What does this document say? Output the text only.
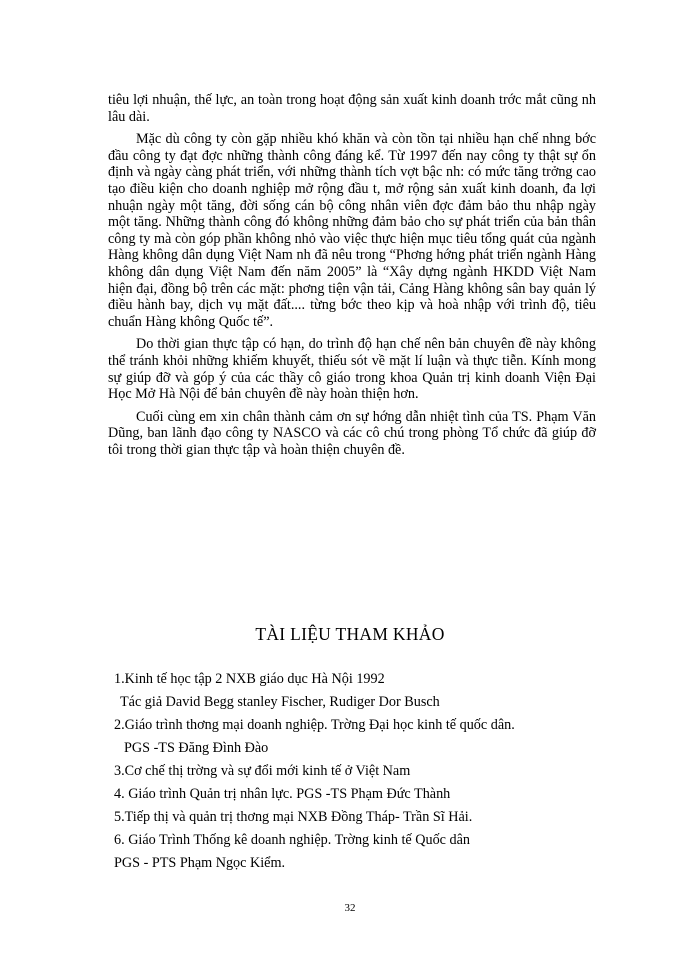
tiêu lợi nhuận, thế lực, an toàn trong hoạt động sản xuất kinh doanh trớc mắt cũng nh lâu dài.

Mặc dù công ty còn gặp nhiều khó khăn và còn tồn tại nhiều hạn chế nhng bớc đầu công ty đạt đợc những thành công đáng kể. Từ 1997 đến nay công ty thật sự ổn định và ngày càng phát triển, với những thành tích vợt bậc nh: có mức tăng trởng cao tạo điều kiện cho doanh nghiệp mở rộng đầu t, mở rộng sản xuất kinh doanh, đa lợi nhuận ngày một tăng, đời sống cán bộ công nhân viên đợc đảm bảo thu nhập ngày một tăng. Những thành công đó không những đảm bảo cho sự phát triển của bản thân công ty mà còn góp phần không nhỏ vào việc thực hiện mục tiêu tổng quát của ngành Hàng không dân dụng Việt Nam nh đã nêu trong “Phơng hớng phát triển ngành Hàng không dân dụng Việt Nam đến năm 2005” là “Xây dựng ngành HKDD Việt Nam hiện đại, đồng bộ trên các mặt: phơng tiện vận tải, Cảng Hàng không sân bay quản lý điều hành bay, dịch vụ mặt đất.... từng bớc theo kịp và hoà nhập với trình độ, tiêu chuẩn Hàng không Quốc tế”.

Do thời gian thực tập có hạn, do trình độ hạn chế nên bản chuyên đề này không thể tránh khỏi những khiếm khuyết, thiếu sót về mặt lí luận và thực tiễn. Kính mong sự giúp đỡ và góp ý của các thầy cô giáo trong khoa Quản trị kinh doanh Viện Đại Học Mở Hà Nội để bản chuyên đề này hoàn thiện hơn.

Cuối cùng em xin chân thành cảm ơn sự hớng dẫn nhiệt tình của TS. Phạm Văn Dũng, ban lãnh đạo công ty NASCO và các cô chú trong phòng Tổ chức đã giúp đỡ tôi trong thời gian thực tập và hoàn thiện chuyên đề.

TÀI LIỆU THAM KHẢO
1.Kinh tế học tập 2 NXB giáo dục Hà Nội 1992
Tác giả David Begg stanley Fischer, Rudiger Dor Busch
2.Giáo trình thơng mại doanh nghiệp. Trờng Đại học kinh tế quốc dân.
PGS -TS Đăng Đình Đào
3.Cơ chế thị trờng và sự đổi mới kinh tế ở Việt Nam
4. Giáo trình Quản trị nhân lực. PGS -TS Phạm Đức Thành
5.Tiếp thị và quản trị thơng mại NXB Đồng Tháp- Trần Sĩ Hải.
6. Giáo Trình Thống kê doanh nghiệp. Trờng kinh tế Quốc dân
PGS - PTS Phạm Ngọc Kiểm.
32
